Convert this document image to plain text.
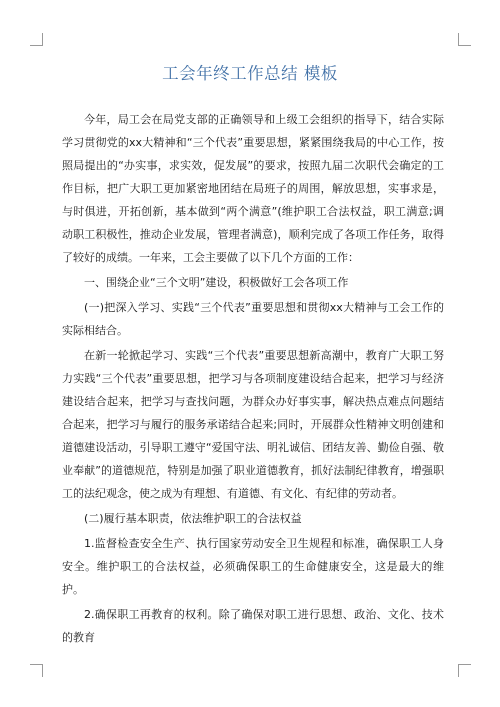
工会年终工作总结 模板

今年，局工会在局党支部的正确领导和上级工会组织的指导下，结合实际学习贯彻党的xx大精神和“三个代表”重要思想，紧紧围绕我局的中心工作，按照局提出的“办实事，求实效，促发展”的要求，按照九届二次职代会确定的工作目标，把广大职工更加紧密地团结在局班子的周围，解放思想，实事求是，与时俱进，开拓创新，基本做到“两个满意”(维护职工合法权益，职工满意;调动职工积极性，推动企业发展，管理者满意)，顺利完成了各项工作任务，取得了较好的成绩。一年来，工会主要做了以下几个方面的工作：

一、围绕企业“三个文明”建设，积极做好工会各项工作

(一)把深入学习、实践“三个代表”重要思想和贯彻xx大精神与工会工作的实际相结合。

在新一轮掀起学习、实践“三个代表”重要思想新高潮中，教育广大职工努力实践“三个代表”重要思想，把学习与各项制度建设结合起来，把学习与经济建设结合起来，把学习与查找问题，为群众办好事实事，解决热点难点问题结合起来，把学习与履行的服务承诺结合起来;同时，开展群众性精神文明创建和道德建设活动，引导职工遵守“爱国守法、明礼诚信、团结友善、勤俭自强、敬业奉献”的道德规范，特别是加强了职业道德教育，抓好法制纪律教育，增强职工的法纪观念，使之成为有理想、有道德、有文化、有纪律的劳动者。

(二)履行基本职责，依法维护职工的合法权益

1.监督检查安全生产、执行国家劳动安全卫生规程和标准，确保职工人身安全。维护职工的合法权益，必须确保职工的生命健康安全，这是最大的维护。

2.确保职工再教育的权利。除了确保对职工进行思想、政治、文化、技术的教育
